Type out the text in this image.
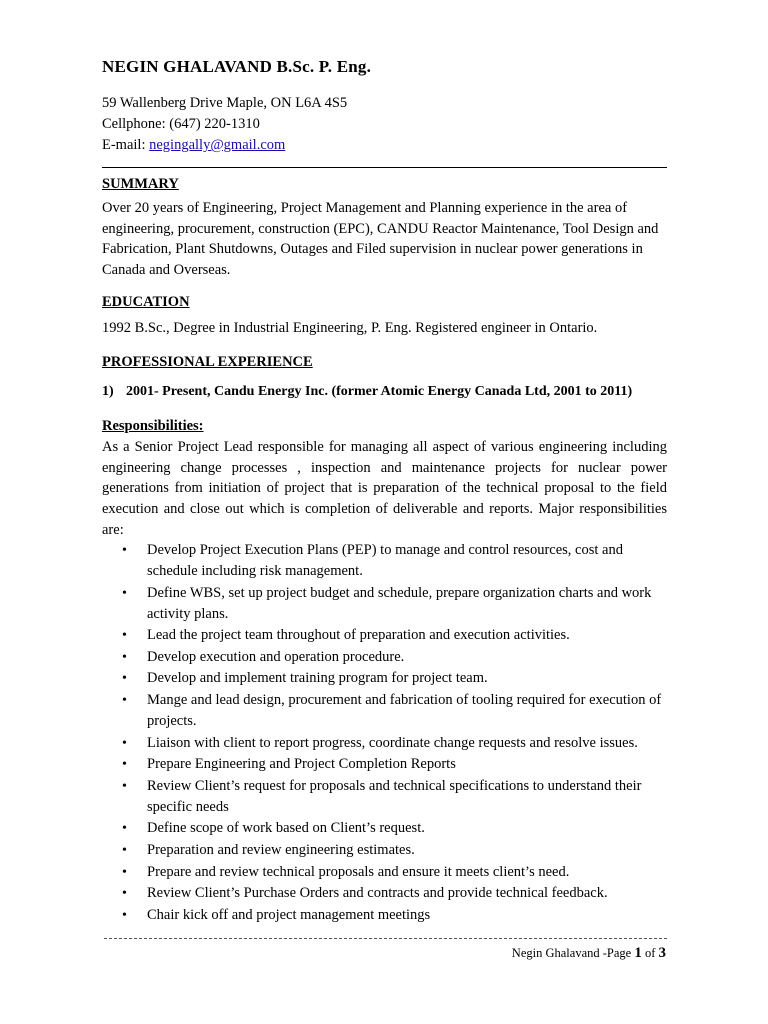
NEGIN GHALAVAND B.Sc. P. Eng.
59 Wallenberg Drive Maple, ON L6A 4S5
Cellphone: (647) 220-1310
E-mail: negingally@gmail.com
SUMMARY
Over 20 years of Engineering, Project Management and Planning experience in the area of engineering, procurement, construction (EPC), CANDU Reactor Maintenance, Tool Design and Fabrication, Plant Shutdowns, Outages and Filed supervision in nuclear power generations in Canada and Overseas.
EDUCATION
1992 B.Sc., Degree in Industrial Engineering, P. Eng. Registered engineer in Ontario.
PROFESSIONAL EXPERIENCE
1) 2001- Present, Candu Energy Inc. (former Atomic Energy Canada Ltd, 2001 to 2011)
Responsibilities:
As a Senior Project Lead responsible for managing all aspect of various engineering including engineering change processes , inspection and maintenance projects for nuclear power generations from initiation of project that is preparation of the technical proposal to the field execution and close out which is completion of deliverable and reports. Major responsibilities are:
• Develop Project Execution Plans (PEP) to manage and control resources, cost and schedule including risk management.
• Define WBS, set up project budget and schedule, prepare organization charts and work activity plans.
• Lead the project team throughout of preparation and execution activities.
• Develop execution and operation procedure.
• Develop and implement training program for project team.
• Mange and lead design, procurement and fabrication of tooling required for execution of projects.
• Liaison with client to report progress, coordinate change requests and resolve issues.
• Prepare Engineering and Project Completion Reports
• Review Client’s request for proposals and technical specifications to understand their specific needs
• Define scope of work based on Client’s request.
• Preparation and review engineering estimates.
• Prepare and review technical proposals and ensure it meets client’s need.
• Review Client’s Purchase Orders and contracts and provide technical feedback.
• Chair kick off and project management meetings
Negin Ghalavand -Page 1 of 3
